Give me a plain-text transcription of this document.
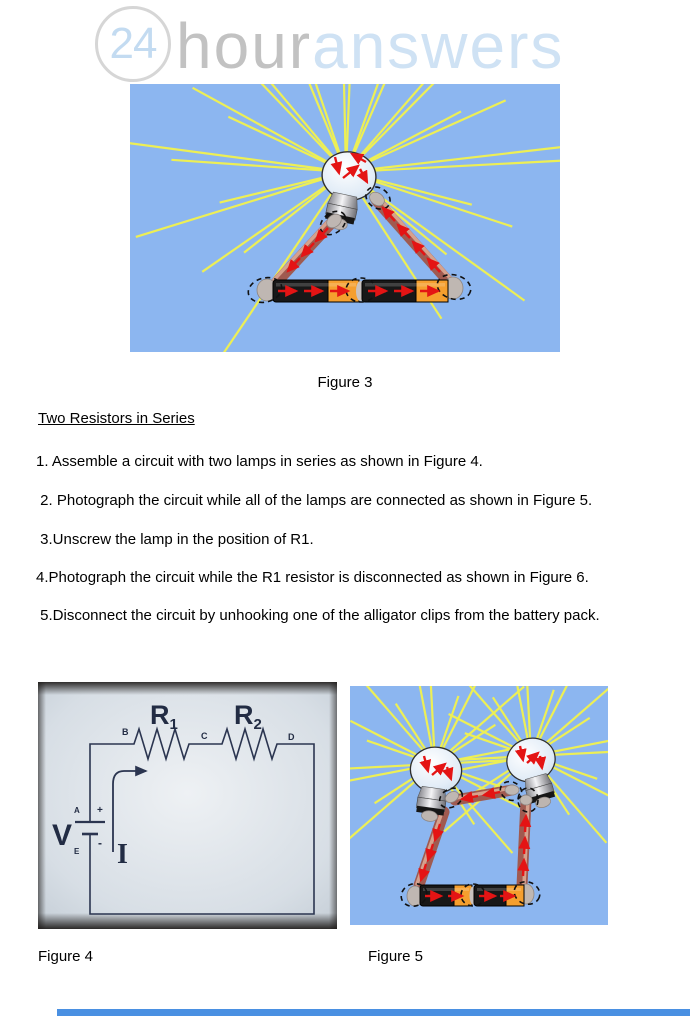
24 houranswers
Figure 3
Two Resistors in Series

1. Assemble a circuit with two lamps in series as shown in Figure 4.

2. Photograph the circuit while all of the lamps are connected as shown in Figure 5.

3.Unscrew the lamp in the position of R1.

4.Photograph the circuit while the R1 resistor is disconnected as shown in Figure 6.

5.Disconnect the circuit by unhooking one of the alligator clips from the battery pack.

R1 R2
B	C	D
V
A +
E
- I
Figure 4	Figure 5
